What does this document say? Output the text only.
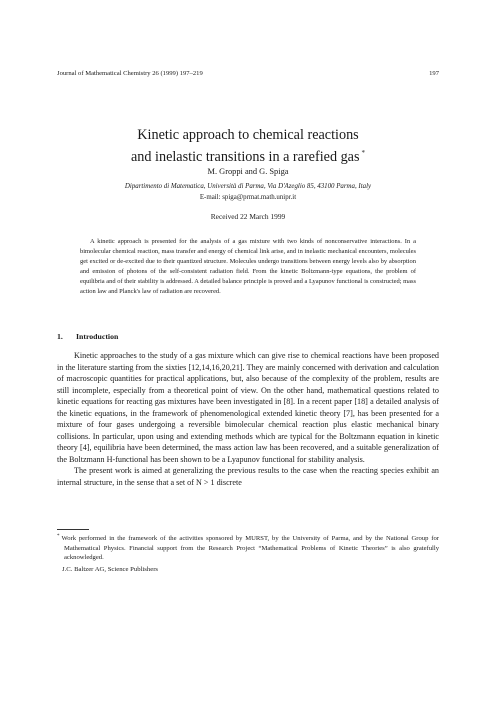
Journal of Mathematical Chemistry 26 (1999) 197–219	197
Kinetic approach to chemical reactions
and inelastic transitions in a rarefied gas *
M. Groppi and G. Spiga
Dipartimento di Matematica, Università di Parma, Via D'Azeglio 85, 43100 Parma, Italy
E-mail: spiga@prmat.math.unipr.it
Received 22 March 1999

A kinetic approach is presented for the analysis of a gas mixture with two kinds of nonconservative interactions. In a bimolecular chemical reaction, mass transfer and energy of chemical link arise, and in inelastic mechanical encounters, molecules get excited or de-excited due to their quantized structure. Molecules undergo transitions between energy levels also by absorption and emission of photons of the self-consistent radiation field. From the kinetic Boltzmann-type equations, the problem of equilibria and of their stability is addressed. A detailed balance principle is proved and a Lyapunov functional is constructed; mass action law and Planck's law of radiation are recovered.

1. Introduction

Kinetic approaches to the study of a gas mixture which can give rise to chemical reactions have been proposed in the literature starting from the sixties [12,14,16,20,21]. They are mainly concerned with derivation and calculation of macroscopic quantities for practical applications, but, also because of the complexity of the problem, results are still incomplete, especially from a theoretical point of view. On the other hand, mathematical questions related to kinetic equations for reacting gas mixtures have been investigated in [8]. In a recent paper [18] a detailed analysis of the kinetic equations, in the framework of phenomenological extended kinetic theory [7], has been presented for a mixture of four gases undergoing a reversible bimolecular chemical reaction plus elastic mechanical binary collisions. In particular, upon using and extending methods which are typical for the Boltzmann equation in kinetic theory [4], equilibria have been determined, the mass action law has been recovered, and a suitable generalization of the Boltzmann H-functional has been shown to be a Lyapunov functional for stability analysis.

The present work is aimed at generalizing the previous results to the case when the reacting species exhibit an internal structure, in the sense that a set of N > 1 discrete

* Work performed in the framework of the activities sponsored by MURST, by the University of Parma, and by the National Group for Mathematical Physics. Financial support from the Research Project “Mathematical Problems of Kinetic Theories” is also gratefully acknowledged.

J.C. Baltzer AG, Science Publishers
